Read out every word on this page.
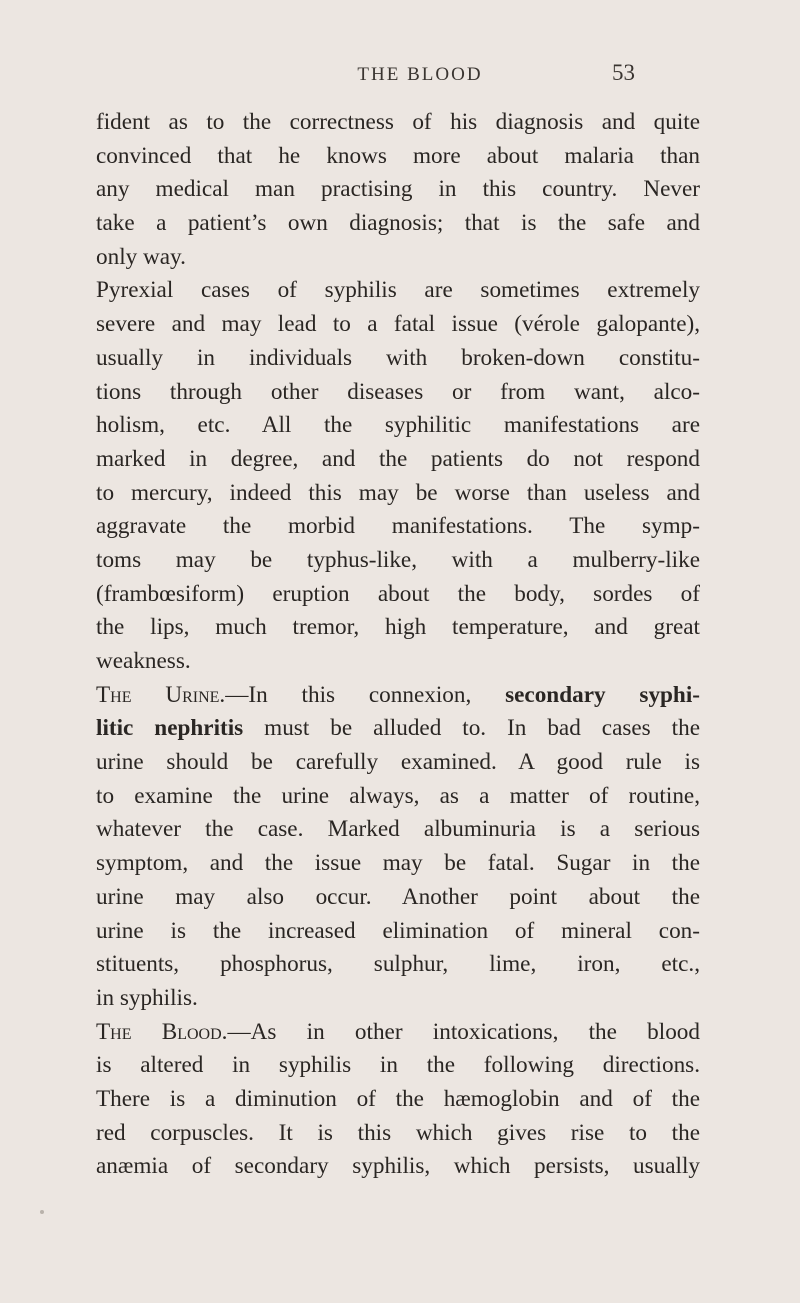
THE BLOOD	53
fident as to the correctness of his diagnosis and quite
convinced that he knows more about malaria than
any medical man practising in this country. Never
take a patient’s own diagnosis; that is the safe and
only way.
Pyrexial cases of syphilis are sometimes extremely
severe and may lead to a fatal issue (vérole galopante),
usually in individuals with broken-down constitu-
tions through other diseases or from want, alco-
holism, etc. All the syphilitic manifestations are
marked in degree, and the patients do not respond
to mercury, indeed this may be worse than useless and
aggravate the morbid manifestations. The symp-
toms may be typhus-like, with a mulberry-like
(frambœsiform) eruption about the body, sordes of
the lips, much tremor, high temperature, and great
weakness.
The Urine.—In this connexion, secondary syphi-
litic nephritis must be alluded to. In bad cases the
urine should be carefully examined. A good rule is
to examine the urine always, as a matter of routine,
whatever the case. Marked albuminuria is a serious
symptom, and the issue may be fatal. Sugar in the
urine may also occur. Another point about the
urine is the increased elimination of mineral con-
stituents, phosphorus, sulphur, lime, iron, etc.,
in syphilis.
The Blood.—As in other intoxications, the blood
is altered in syphilis in the following directions.
There is a diminution of the hæmoglobin and of the
red corpuscles. It is this which gives rise to the
anæmia of secondary syphilis, which persists, usually
